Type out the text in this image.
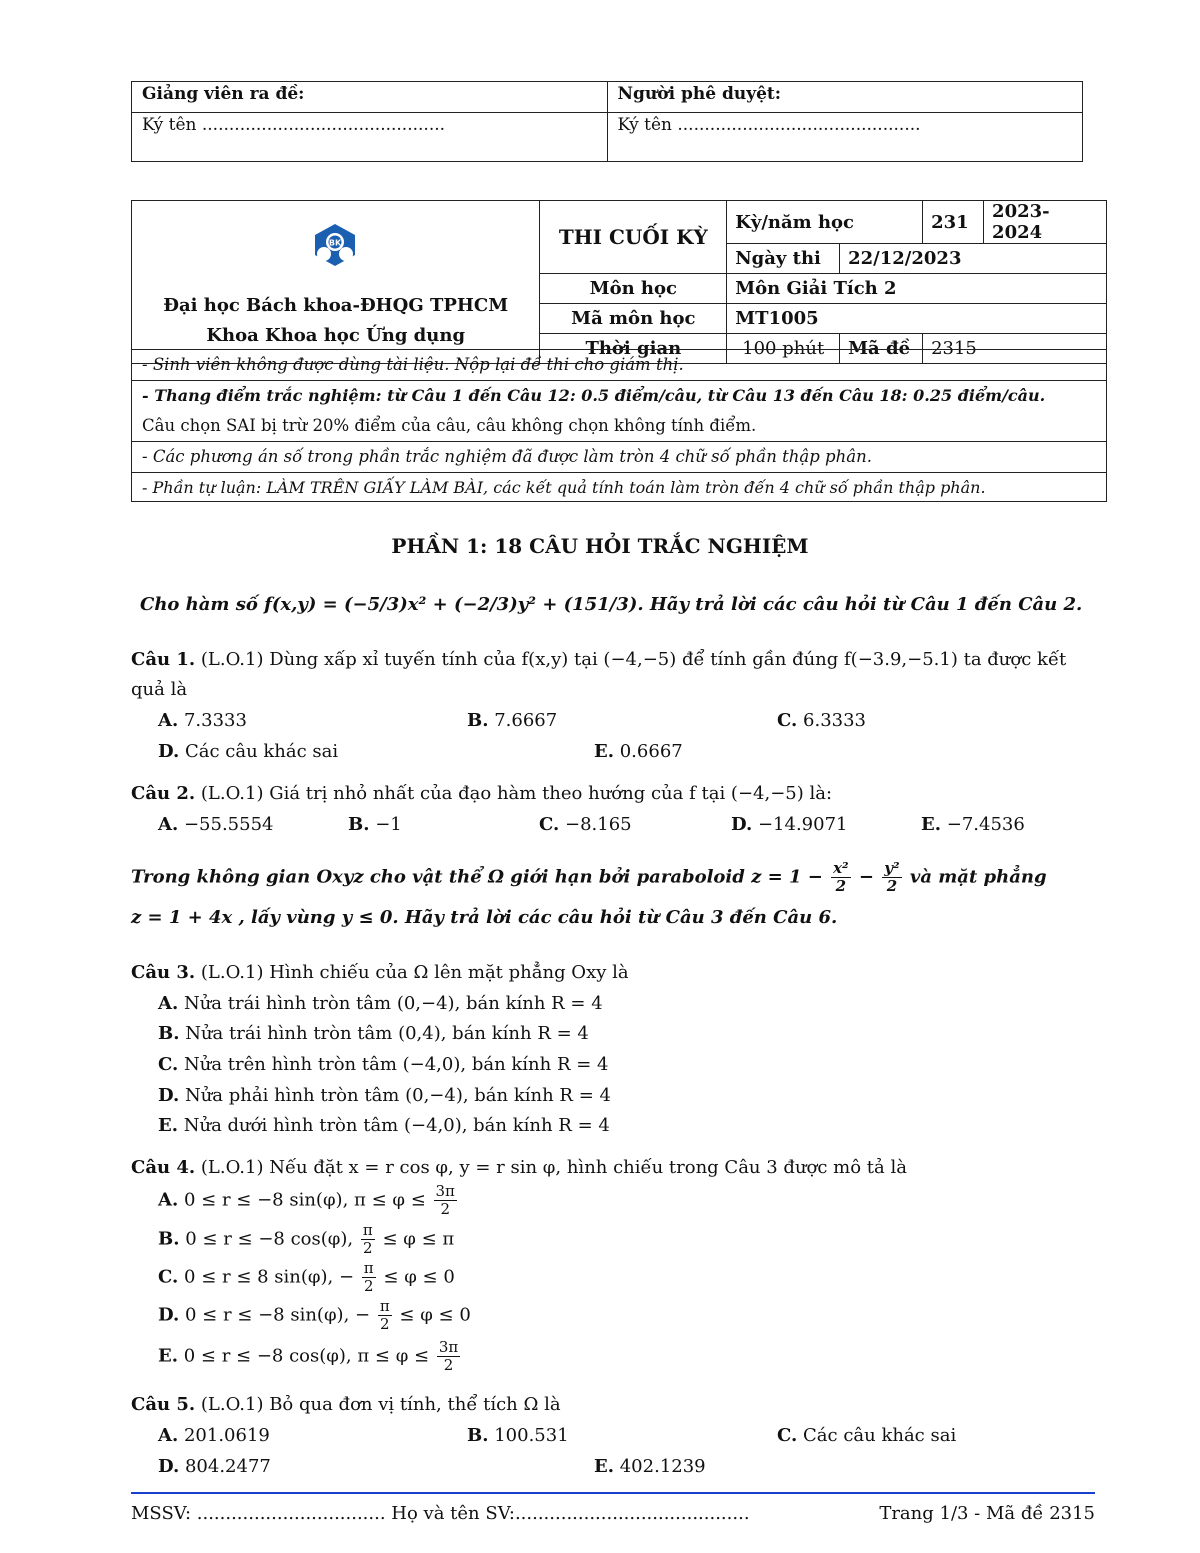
Giảng viên ra đề:	Người phê duyệt:
Ký tên .............................................	Ký tên .............................................
Đại học Bách khoa-ĐHQG TPHCM
Khoa Khoa học Ứng dụng	THI CUỐI KỲ	Kỳ/năm học		231	2023-2024
		Ngày thi	22/12/2023		
	Môn học	Môn Giải Tích 2			
	Mã môn học	MT1005			
	Thời gian	100 phút	Mã đề	2315	
BK
- Sinh viên không được dùng tài liệu. Nộp lại đề thi cho giám thị.
- Thang điểm trắc nghiệm: từ Câu 1 đến Câu 12: 0.5 điểm/câu, từ Câu 13 đến Câu 18: 0.25 điểm/câu.
Câu chọn SAI bị trừ 20% điểm của câu, câu không chọn không tính điểm.
- Các phương án số trong phần trắc nghiệm đã được làm tròn 4 chữ số phần thập phân.
- Phần tự luận: LÀM TRÊN GIẤY LÀM BÀI, các kết quả tính toán làm tròn đến 4 chữ số phần thập phân.
PHẦN 1: 18 CÂU HỎI TRẮC NGHIỆM
Cho hàm số f(x,y) = (−5/3)x² + (−2/3)y² + (151/3). Hãy trả lời các câu hỏi từ Câu 1 đến Câu 2.
Câu 1. (L.O.1) Dùng xấp xỉ tuyến tính của f(x,y) tại (−4,−5) để tính gần đúng f(−3.9,−5.1) ta được kết
quả là
A. 7.3333	B. 7.6667	C. 6.3333
D. Các câu khác sai	E. 0.6667
Câu 2. (L.O.1) Giá trị nhỏ nhất của đạo hàm theo hướng của f tại (−4,−5) là:
A. −55.5554	B. −1	C. −8.165	D. −14.9071	E. −7.4536
Trong không gian Oxyz cho vật thể Ω giới hạn bởi paraboloid $z = 1 - \frac{\text{x²}}{2} - \frac{\text{y²}}{2}$ và mặt phẳng
z = 1 + 4x , lấy vùng y ≤ 0. Hãy trả lời các câu hỏi từ Câu 3 đến Câu 6.
Câu 3. (L.O.1) Hình chiếu của Ω lên mặt phẳng Oxy là
A. Nửa trái hình tròn tâm (0,−4), bán kính R = 4
B. Nửa trái hình tròn tâm (0,4), bán kính R = 4
C. Nửa trên hình tròn tâm (−4,0), bán kính R = 4
D. Nửa phải hình tròn tâm (0,−4), bán kính R = 4
E. Nửa dưới hình tròn tâm (−4,0), bán kính R = 4
Câu 4. (L.O.1) Nếu đặt x = r cos φ, y = r sin φ, hình chiếu trong Câu 3 được mô tả là
A. 0 ≤ r ≤ −8 sin(φ), $\pi \le \varphi \le \frac{3\pi}{2}$
B. 0 ≤ r ≤ −8 cos(φ), $\frac{\pi}{2} \le \varphi \le \pi$
C. 0 ≤ r ≤ 8 sin(φ), − $\frac{\pi}{2} \le \varphi \le 0$
D. 0 ≤ r ≤ −8 sin(φ), − $\frac{\pi}{2} \le \varphi \le 0$
E. 0 ≤ r ≤ −8 cos(φ), $\pi \le \varphi \le \frac{3\pi}{2}$
Câu 5. (L.O.1) Bỏ qua đơn vị tính, thể tích Ω là
A. 201.0619	B. 100.531	C. Các câu khác sai
D. 804.2477	E. 402.1239
MSSV: ................................. Họ và tên SV:.........................................	Trang 1/3 - Mã đề 2315
